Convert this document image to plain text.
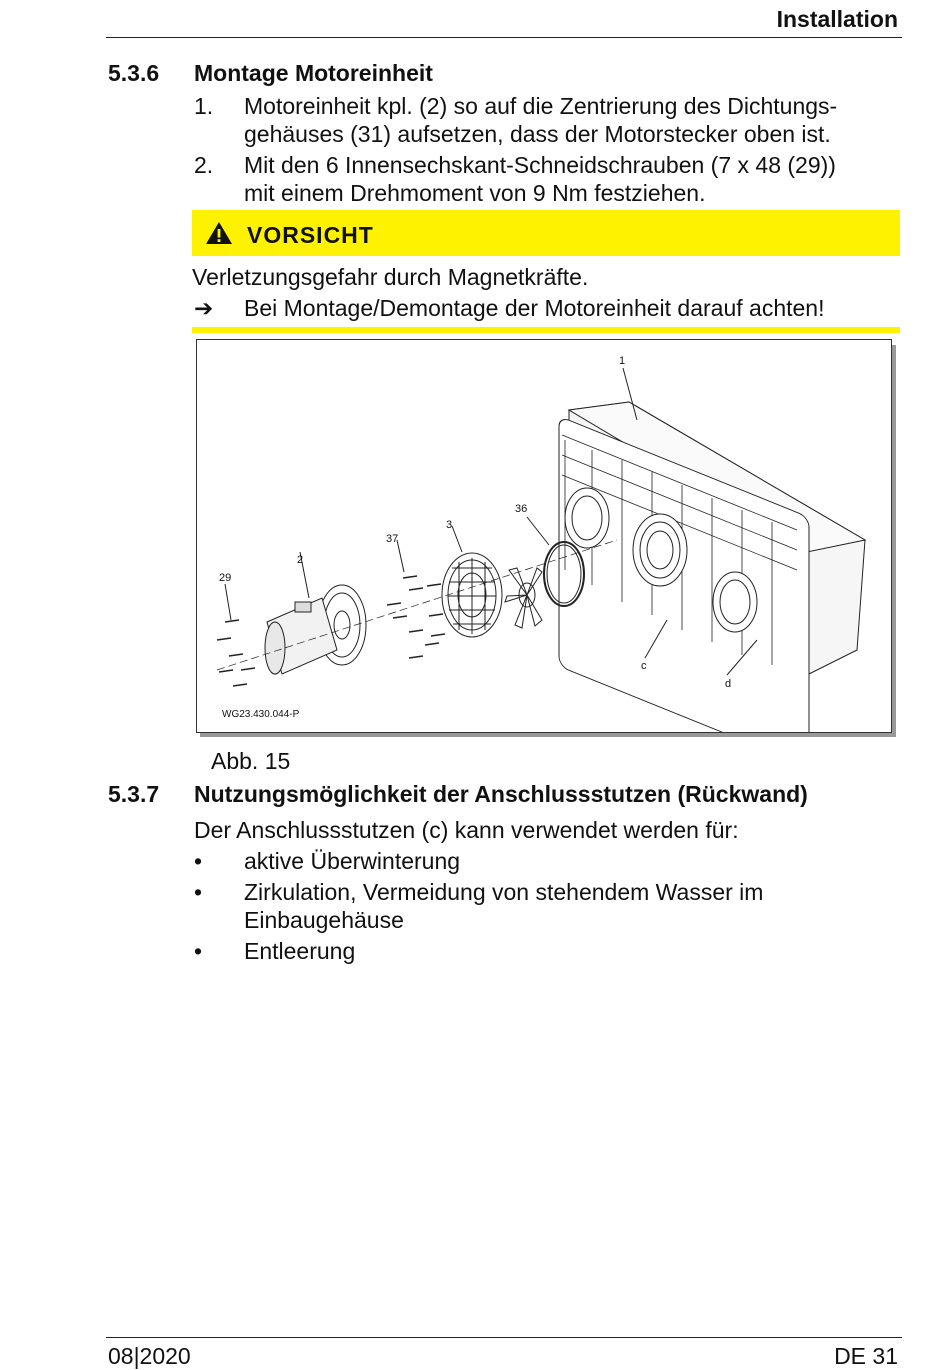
Installation
5.3.6 Montage Motoreinheit
1. Motoreinheit kpl. (2) so auf die Zentrierung des Dichtungs-
gehäuses (31) aufsetzen, dass der Motorstecker oben ist.
2. Mit den 6 Innensechskant-Schneidschrauben (7 x 48 (29))
mit einem Drehmoment von 9 Nm festziehen.
VORSICHT
Verletzungsgefahr durch Magnetkräfte.
➔ Bei Montage/Demontage der Motoreinheit darauf achten!
1
36
3
37
2
29
c
d
WG23.430.044-P
Abb. 15
5.3.7 Nutzungsmöglichkeit der Anschlussstutzen (Rückwand)
Der Anschlussstutzen (c) kann verwendet werden für:
• aktive Überwinterung
• Zirkulation, Vermeidung von stehendem Wasser im
Einbaugehäuse
• Entleerung
08|2020	DE 31
